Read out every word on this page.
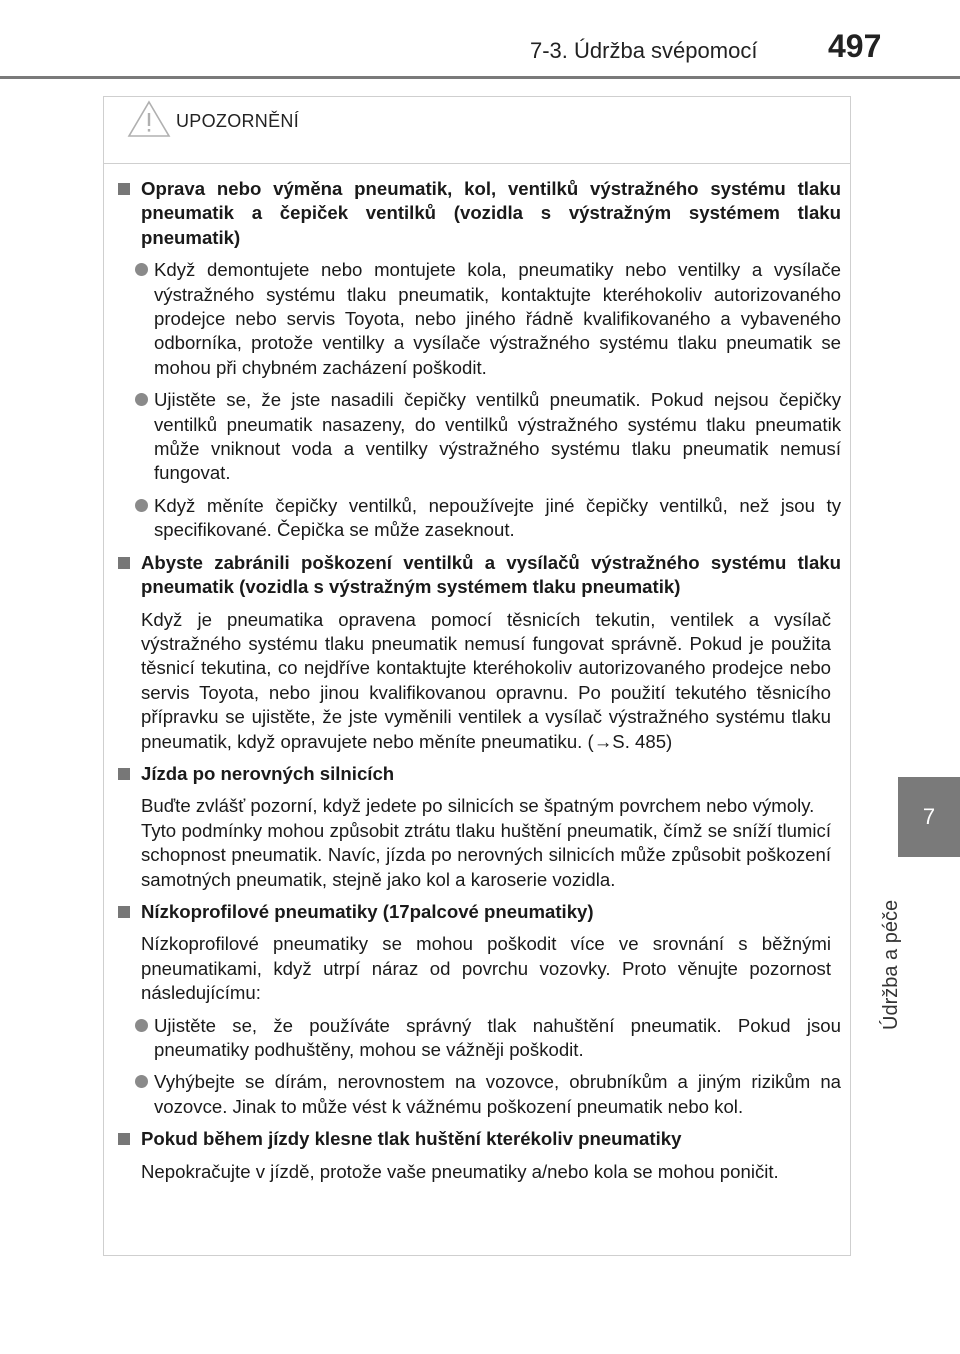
7-3. Údržba svépomocí 497
7
Údržba a péče
UPOZORNĚNÍ
Oprava nebo výměna pneumatik, kol, ventilků výstražného systému tlaku pneumatik a čepiček ventilků (vozidla s výstražným systémem tlaku pneumatik)
Když demontujete nebo montujete kola, pneumatiky nebo ventilky a vysílače výstražného systému tlaku pneumatik, kontaktujte kteréhokoliv autorizovaného prodejce nebo servis Toyota, nebo jiného řádně kvalifikovaného a vybaveného odborníka, protože ventilky a vysílače výstražného systému tlaku pneumatik se mohou při chybném zacházení poškodit.
Ujistěte se, že jste nasadili čepičky ventilků pneumatik. Pokud nejsou čepičky ventilků pneumatik nasazeny, do ventilků výstražného systému tlaku pneumatik může vniknout voda a ventilky výstražného systému tlaku pneumatik nemusí fungovat.
Když měníte čepičky ventilků, nepoužívejte jiné čepičky ventilků, než jsou ty specifikované. Čepička se může zaseknout.
Abyste zabránili poškození ventilků a vysílačů výstražného systému tlaku pneumatik (vozidla s výstražným systémem tlaku pneumatik)

Když je pneumatika opravena pomocí těsnicích tekutin, ventilek a vysílač výstražného systému tlaku pneumatik nemusí fungovat správně. Pokud je použita těsnicí tekutina, co nejdříve kontaktujte kteréhokoliv autorizovaného prodejce nebo servis Toyota, nebo jinou kvalifikovanou opravnu. Po použití tekutého těsnicího přípravku se ujistěte, že jste vyměnili ventilek a vysílač výstražného systému tlaku pneumatik, když opravujete nebo měníte pneumatiku. (→S. 485)

Jízda po nerovných silnicích

Buďte zvlášť pozorní, když jedete po silnicích se špatným povrchem nebo výmoly.

Tyto podmínky mohou způsobit ztrátu tlaku huštění pneumatik, čímž se sníží tlumicí schopnost pneumatik. Navíc, jízda po nerovných silnicích může způsobit poškození samotných pneumatik, stejně jako kol a karoserie vozidla.

Nízkoprofilové pneumatiky (17palcové pneumatiky)

Nízkoprofilové pneumatiky se mohou poškodit více ve srovnání s běžnými pneumatikami, když utrpí náraz od povrchu vozovky. Proto věnujte pozornost následujícímu:

Ujistěte se, že používáte správný tlak nahuštění pneumatik. Pokud jsou pneumatiky podhuštěny, mohou se vážněji poškodit.
Vyhýbejte se dírám, nerovnostem na vozovce, obrubníkům a jiným rizikům na vozovce. Jinak to může vést k vážnému poškození pneumatik nebo kol.
Pokud během jízdy klesne tlak huštění kterékoliv pneumatiky

Nepokračujte v jízdě, protože vaše pneumatiky a/nebo kola se mohou poničit.
